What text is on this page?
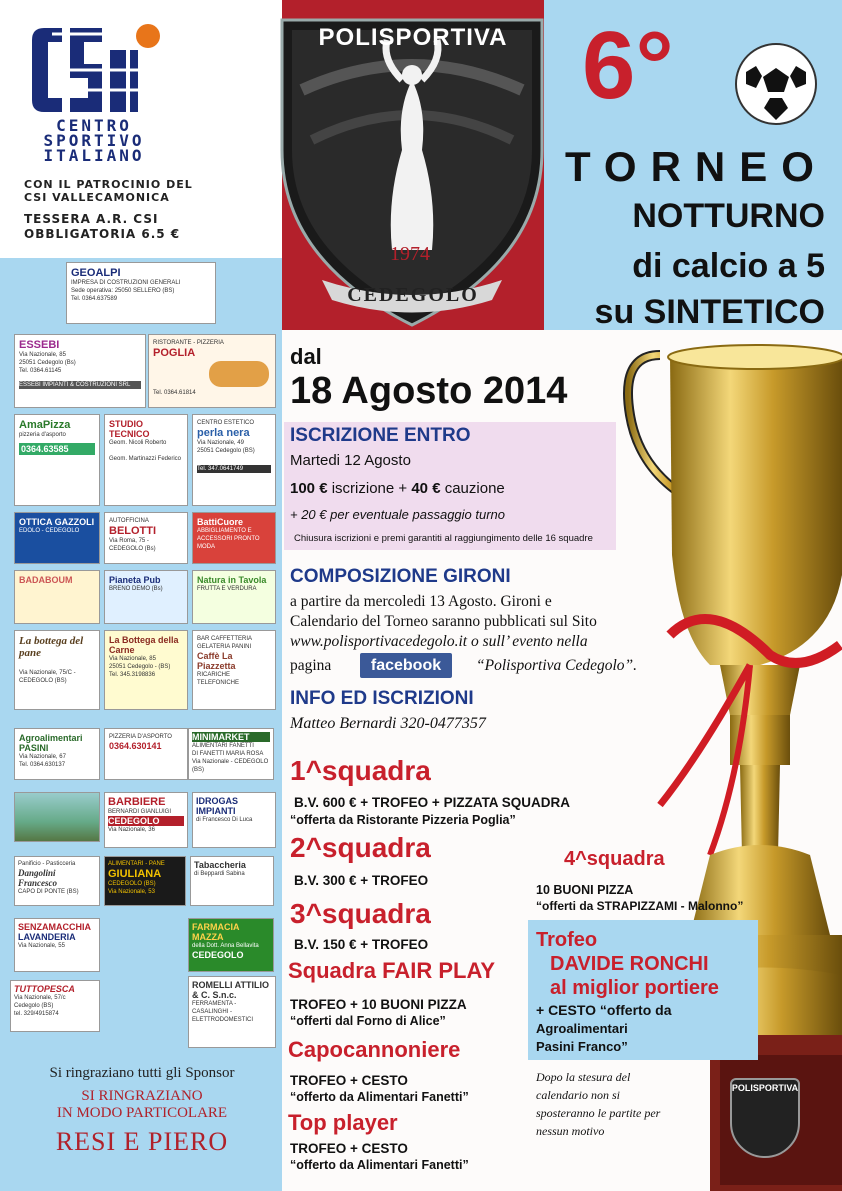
CENTRO
SPORTIVO
ITALIANO
CON IL PATROCINIO DEL
CSI VALLECAMONICA
TESSERA A.R. CSI
OBBLIGATORIA 6.5 €
GEOALPI
IMPRESA DI COSTRUZIONI GENERALI
Sede operativa: 25050 SELLERO (BS)
Tel. 0364.637589
ESSEBI
Via Nazionale, 85
25051 Cedegolo (Bs)
Tel. 0364.61145
ESSEBI IMPIANTI & COSTRUZIONI SRL
RISTORANTE - PIZZERIA
POGLIA
Tel. 0364.61814
AmaPizza
pizzeria d'asporto
0364.63585
STUDIO TECNICO
Geom. Nicoli Roberto
Geom. Martinazzi Federico
CENTRO ESTETICO
perla nera
Via Nazionale, 49
25051 Cedegolo (BS)
Tel. 347.0641749
OTTICA GAZZOLI
EDOLO - CEDEGOLO
AUTOFFICINA
BELOTTI
Via Roma, 75 - CEDEGOLO (Bs)
BattiCuore
ABBIGLIAMENTO E ACCESSORI PRONTO MODA
BADABOUM	Pianeta Pub
BRENO DEMO (Bs)
Natura in Tavola
FRUTTA E VERDURA
La bottega del pane
Via Nazionale, 75/C - CEDEGOLO (BS)
La Bottega della Carne
Via Nazionale, 85
25051 Cedegolo - (BS)
Tel. 345.3198836
BAR CAFFETTERIA GELATERIA PANINI
Caffè La Piazzetta
RICARICHE TELEFONICHE
Agroalimentari PASINI
Via Nazionale, 67
Tel. 0364.630137
PIZZERIA D'ASPORTO
0364.630141
MINIMARKET
ALIMENTARI FANETTI
DI FANETTI MARIA ROSA
Via Nazionale - CEDEGOLO (BS)
BARBIERE
BERNARDI GIANLUIGI
CEDEGOLO
Via Nazionale, 36
IDROGAS IMPIANTI
di Francesco Di Luca
Panificio - Pasticceria
Dangolini Francesco
CAPO DI PONTE (BS)
ALIMENTARI - PANE
GIULIANA
CEDEGOLO (BS)
Via Nazionale, 53
Tabaccheria
di Beppardi Sabina
SENZAMACCHIA
LAVANDERIA
Via Nazionale, 55
FARMACIA MAZZA
della Dott. Anna Bellavita
CEDEGOLO
TUTTOPESCA
Via Nazionale, 57/c
Cedegolo (BS)
tel. 329/4915874
ROMELLI ATTILIO & C. S.n.c.
FERRAMENTA - CASALINGHI - ELETTRODOMESTICI
Si ringraziano tutti gli Sponsor
SI RINGRAZIANO
IN MODO PARTICOLARE
RESI E PIERO
POLISPORTIVA
1974
CEDEGOLO
6°
TORNEO
NOTTURNO
di calcio a 5
su SINTETICO
POLISPORTIVA
dal
18 Agosto 2014
ISCRIZIONE ENTRO
Martedi 12 Agosto
100 € iscrizione + 40 € cauzione
+ 20 € per eventuale passaggio turno
Chiusura iscrizioni e premi garantiti al raggiungimento delle 16 squadre
COMPOSIZIONE GIRONI
a partire da mercoledi 13 Agosto. Gironi e
Calendario del Torneo saranno pubblicati sul Sito
www.polisportivacedegolo.it o sull’ evento nella
pagina	facebook	“Polisportiva Cedegolo”.
INFO ED ISCRIZIONI
Matteo Bernardi 320-0477357
1^squadra
B.V. 600 € + TROFEO + PIZZATA SQUADRA
“offerta da Ristorante Pizzeria Poglia”
2^squadra
B.V. 300 € + TROFEO
3^squadra
B.V. 150 € + TROFEO
4^squadra
10 BUONI PIZZA
“offerti da STRAPIZZAMI - Malonno”
Squadra FAIR PLAY
TROFEO + 10 BUONI PIZZA
“offerti dal Forno di Alice”
Capocannoniere
TROFEO + CESTO
“offerto da Alimentari Fanetti”
Top player
TROFEO + CESTO
“offerto da Alimentari Fanetti”
Trofeo
DAVIDE RONCHI
al miglior portiere
+ CESTO “offerto da
Agroalimentari
Pasini Franco”
Dopo la stesura del
calendario non si
sposteranno le partite per
nessun motivo
